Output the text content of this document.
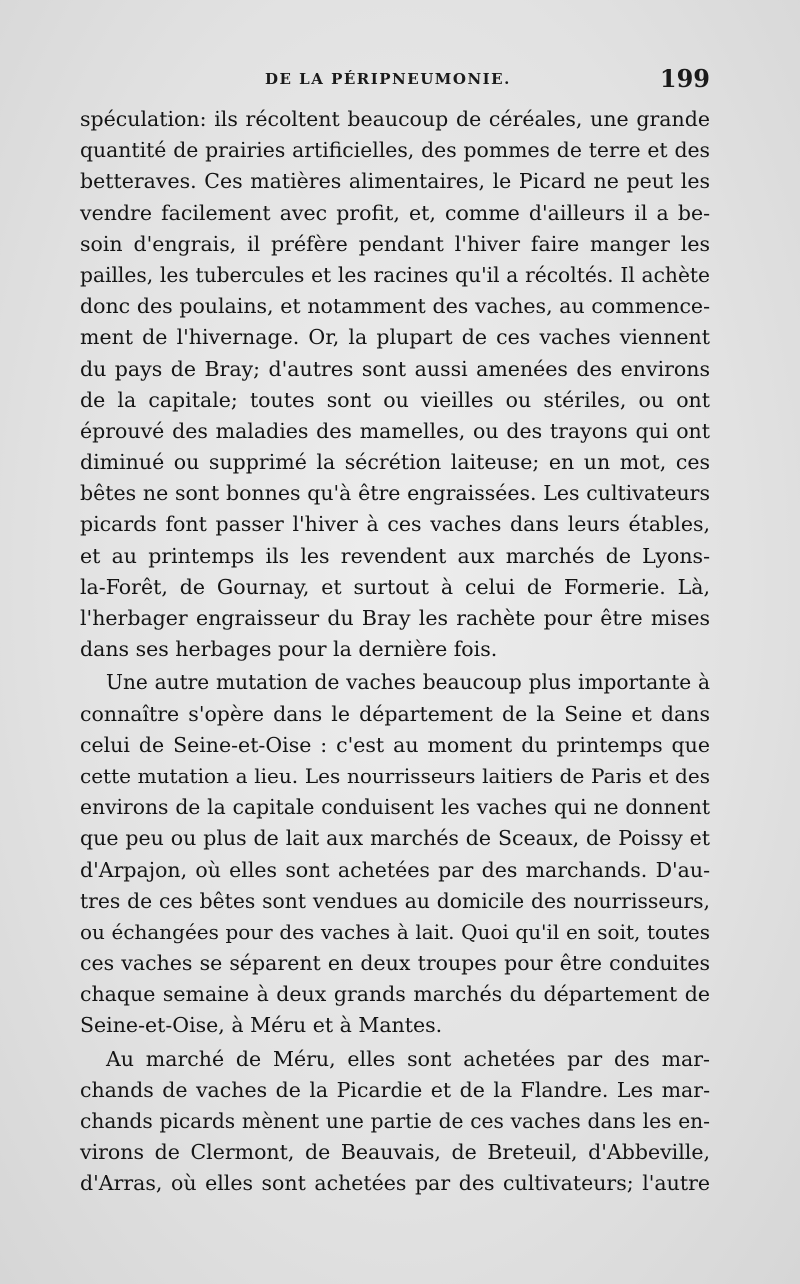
DE LA PÉRIPNEUMONIE.	199
spéculation: ils récoltent beaucoup de céréales, une grande
quantité de prairies artificielles, des pommes de terre et des
betteraves. Ces matières alimentaires, le Picard ne peut les
vendre facilement avec profit, et, comme d'ailleurs il a be-
soin d'engrais, il préfère pendant l'hiver faire manger les
pailles, les tubercules et les racines qu'il a récoltés. Il achète
donc des poulains, et notamment des vaches, au commence-
ment de l'hivernage. Or, la plupart de ces vaches viennent
du pays de Bray; d'autres sont aussi amenées des environs
de la capitale; toutes sont ou vieilles ou stériles, ou ont
éprouvé des maladies des mamelles, ou des trayons qui ont
diminué ou supprimé la sécrétion laiteuse; en un mot, ces
bêtes ne sont bonnes qu'à être engraissées. Les cultivateurs
picards font passer l'hiver à ces vaches dans leurs étables,
et au printemps ils les revendent aux marchés de Lyons-
la-Forêt, de Gournay, et surtout à celui de Formerie. Là,
l'herbager engraisseur du Bray les rachète pour être mises
dans ses herbages pour la dernière fois.
Une autre mutation de vaches beaucoup plus importante à
connaître s'opère dans le département de la Seine et dans
celui de Seine-et-Oise : c'est au moment du printemps que
cette mutation a lieu. Les nourrisseurs laitiers de Paris et des
environs de la capitale conduisent les vaches qui ne donnent
que peu ou plus de lait aux marchés de Sceaux, de Poissy et
d'Arpajon, où elles sont achetées par des marchands. D'au-
tres de ces bêtes sont vendues au domicile des nourrisseurs,
ou échangées pour des vaches à lait. Quoi qu'il en soit, toutes
ces vaches se séparent en deux troupes pour être conduites
chaque semaine à deux grands marchés du département de
Seine-et-Oise, à Méru et à Mantes.
Au marché de Méru, elles sont achetées par des mar-
chands de vaches de la Picardie et de la Flandre. Les mar-
chands picards mènent une partie de ces vaches dans les en-
virons de Clermont, de Beauvais, de Breteuil, d'Abbeville,
d'Arras, où elles sont achetées par des cultivateurs; l'autre
